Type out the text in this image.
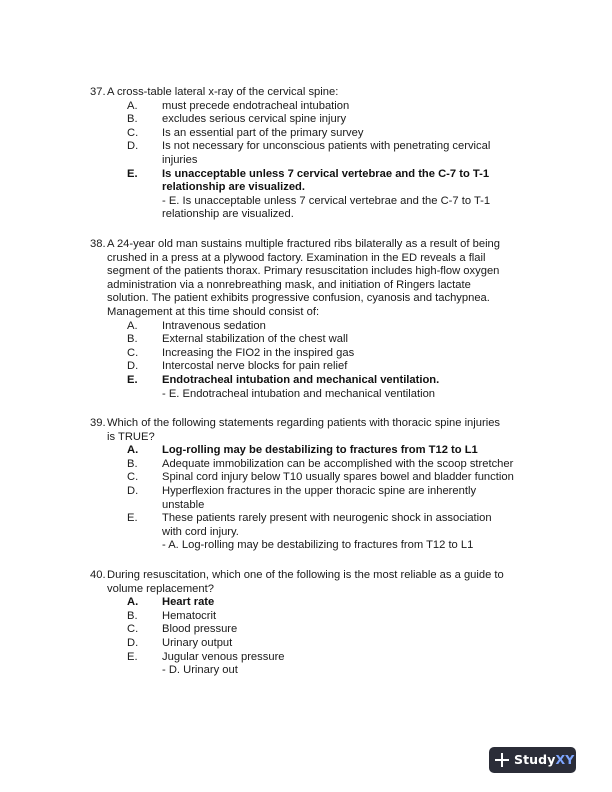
37. A cross-table lateral x-ray of the cervical spine:
A.	must precede endotracheal intubation
B.	excludes serious cervical spine injury
C.	Is an essential part of the primary survey
D.	Is not necessary for unconscious patients with penetrating cervical
injuries
E.	Is unacceptable unless 7 cervical vertebrae and the C-7 to T-1
relationship are visualized.
- E. Is unacceptable unless 7 cervical vertebrae and the C-7 to T-1
relationship are visualized.
38. A 24-year old man sustains multiple fractured ribs bilaterally as a result of being
crushed in a press at a plywood factory. Examination in the ED reveals a flail
segment of the patients thorax. Primary resuscitation includes high-flow oxygen
administration via a nonrebreathing mask, and initiation of Ringers lactate
solution. The patient exhibits progressive confusion, cyanosis and tachypnea.
Management at this time should consist of:
A.	Intravenous sedation
B.	External stabilization of the chest wall
C.	Increasing the FIO2 in the inspired gas
D.	Intercostal nerve blocks for pain relief
E.	Endotracheal intubation and mechanical ventilation.
- E. Endotracheal intubation and mechanical ventilation
39. Which of the following statements regarding patients with thoracic spine injuries
is TRUE?
A.	Log-rolling may be destabilizing to fractures from T12 to L1
B.	Adequate immobilization can be accomplished with the scoop stretcher
C.	Spinal cord injury below T10 usually spares bowel and bladder function
D.	Hyperflexion fractures in the upper thoracic spine are inherently
unstable
E.	These patients rarely present with neurogenic shock in association
with cord injury.
- A. Log-rolling may be destabilizing to fractures from T12 to L1
40. During resuscitation, which one of the following is the most reliable as a guide to
volume replacement?
A.	Heart rate
B.	Hematocrit
C.	Blood pressure
D.	Urinary output
E.	Jugular venous pressure
- D. Urinary out
StudyXY
